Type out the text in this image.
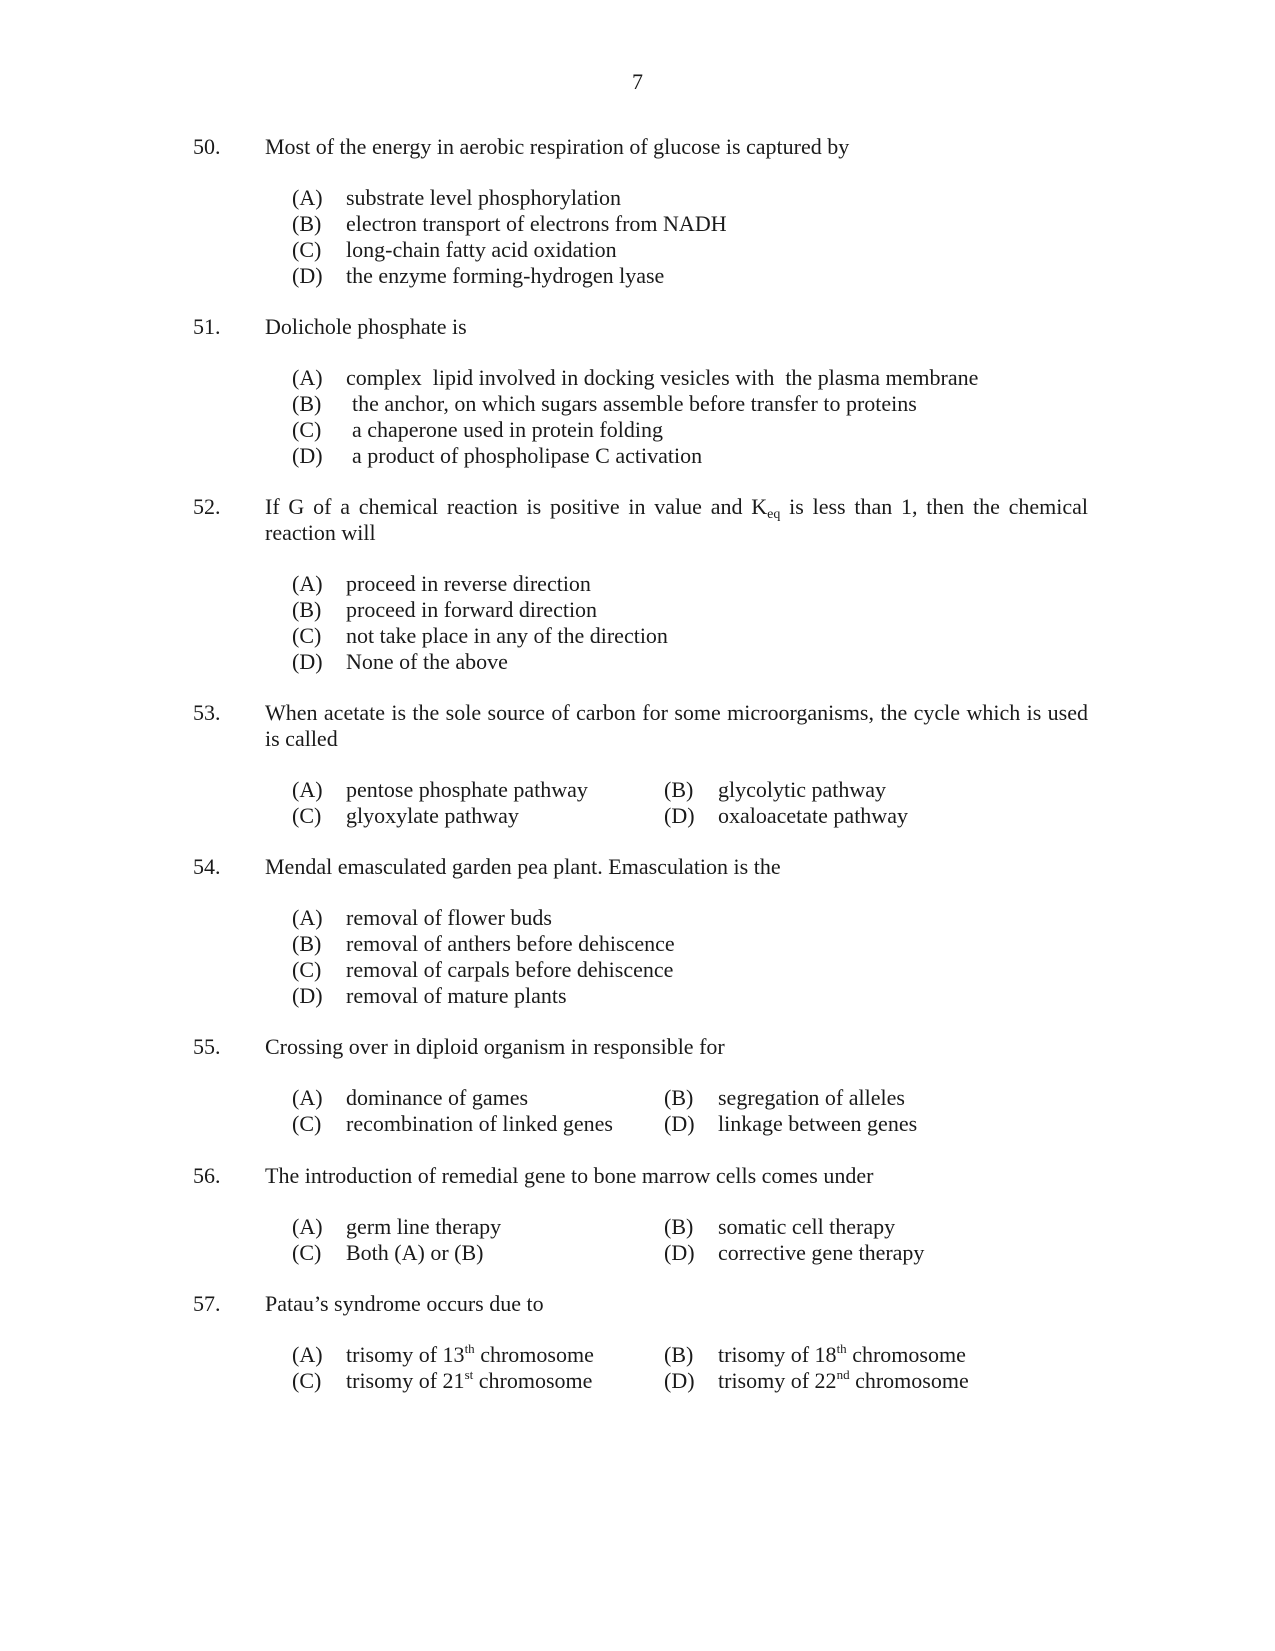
7
50. Most of the energy in aerobic respiration of glucose is captured by
(A)	substrate level phosphorylation
(B)	electron transport of electrons from NADH
(C)	long-chain fatty acid oxidation
(D)	the enzyme forming-hydrogen lyase
51. Dolichole phosphate is
(A)	complex  lipid involved in docking vesicles with  the plasma membrane
(B)	the anchor, on which sugars assemble before transfer to proteins
(C)	a chaperone used in protein folding
(D)	a product of phospholipase C activation
52. If G of a chemical reaction is positive in value and $K_{eq}$ is less than 1, then the chemical reaction will
(A)	proceed in reverse direction
(B)	proceed in forward direction
(C)	not take place in any of the direction
(D)	None of the above
53. When acetate is the sole source of carbon for some microorganisms, the cycle which is used is called
(A)	pentose phosphate pathway	(B)	glycolytic pathway
(C)	glyoxylate pathway	(D)	oxaloacetate pathway
54. Mendal emasculated garden pea plant. Emasculation is the
(A)	removal of flower buds
(B)	removal of anthers before dehiscence
(C)	removal of carpals before dehiscence
(D)	removal of mature plants
55. Crossing over in diploid organism in responsible for
(A)	dominance of games	(B)	segregation of alleles
(C)	recombination of linked genes (D)	linkage between genes
56. The introduction of remedial gene to bone marrow cells comes under
(A)	germ line therapy	(B)	somatic cell therapy
(C)	Both (A) or (B)	(D)	corrective gene therapy
57. Patau’s syndrome occurs due to
(A)	trisomy of 13th chromosome	(B)	trisomy of 18th chromosome
(C)	trisomy of 21st chromosome	(D)	trisomy of 22nd chromosome
